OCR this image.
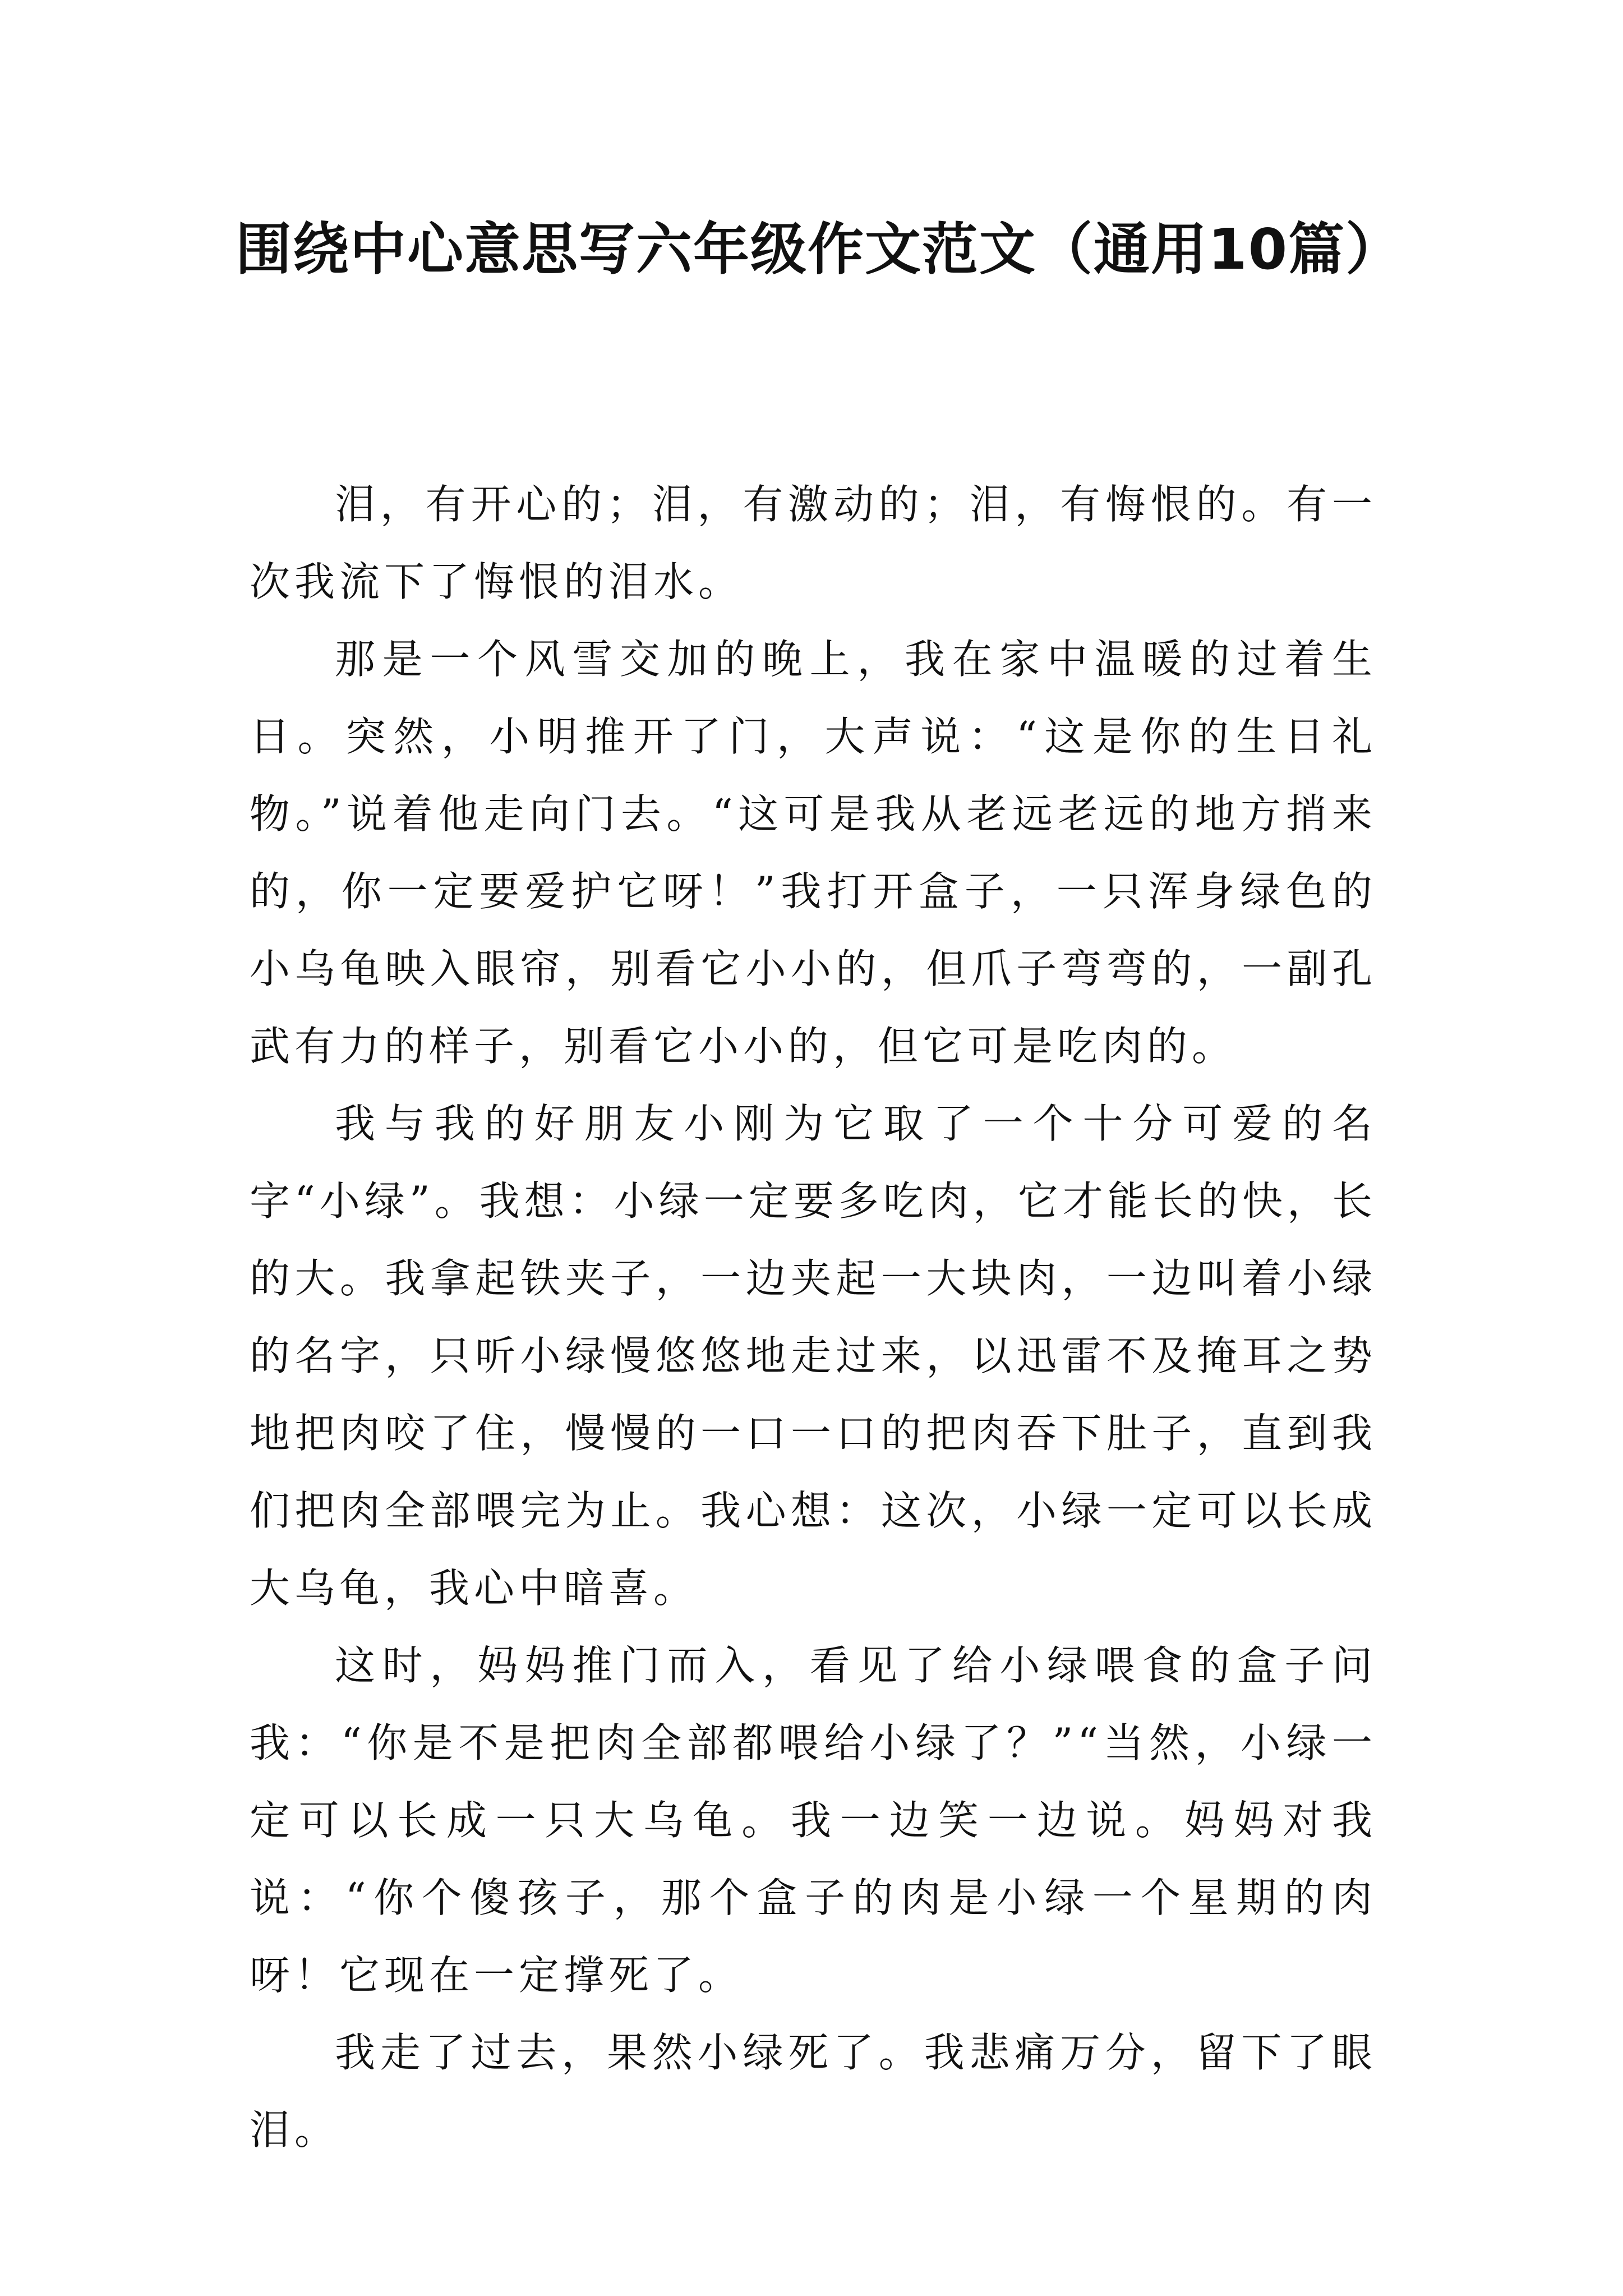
围绕中心意思写六年级作文范文（通用10篇）

泪，有开心的；泪，有激动的；泪，有悔恨的。有一次我流下了悔恨的泪水。

那是一个风雪交加的晚上，我在家中温暖的过着生日。突然，小明推开了门，大声说：“这是你的生日礼物。”说着他走向门去。“这可是我从老远老远的地方捎来的，你一定要爱护它呀！”我打开盒子，一只浑身绿色的小乌龟映入眼帘，别看它小小的，但爪子弯弯的，一副孔武有力的样子，别看它小小的，但它可是吃肉的。

我与我的好朋友小刚为它取了一个十分可爱的名字“小绿”。我想：小绿一定要多吃肉，它才能长的快，长的大。我拿起铁夹子，一边夹起一大块肉，一边叫着小绿的名字，只听小绿慢悠悠地走过来，以迅雷不及掩耳之势地把肉咬了住，慢慢的一口一口的把肉吞下肚子，直到我们把肉全部喂完为止。我心想：这次，小绿一定可以长成大乌龟，我心中暗喜。

这时，妈妈推门而入，看见了给小绿喂食的盒子问我：“你是不是把肉全部都喂给小绿了？”“当然，小绿一定可以长成一只大乌龟。我一边笑一边说。妈妈对我说：“你个傻孩子，那个盒子的肉是小绿一个星期的肉呀！它现在一定撑死了。

我走了过去，果然小绿死了。我悲痛万分，留下了眼泪。
